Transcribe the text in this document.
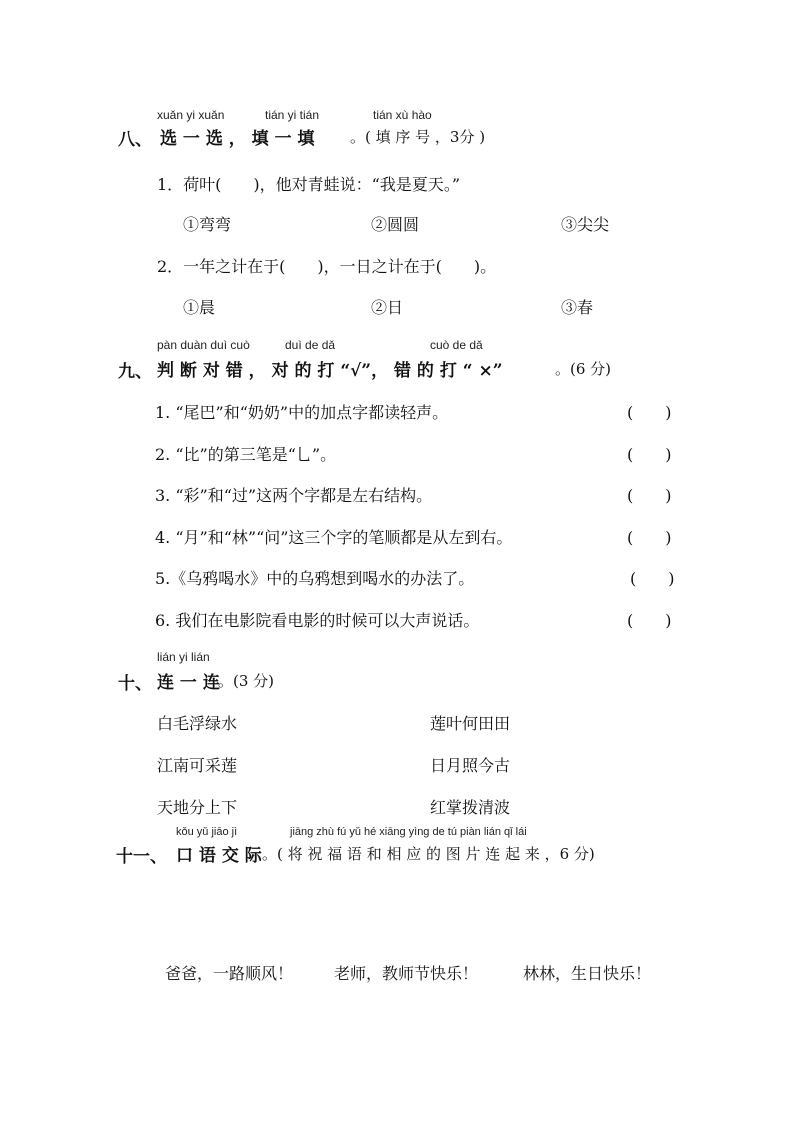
xuǎn yi xuǎn	tián yi tián	tián xù hào
八、 选 一 选 ， 填 一 填 。( 填 序 号 ，3分 )
1．荷叶(　　)，他对青蛙说：“我是夏天。”
①弯弯	②圆圆	③尖尖
2．一年之计在于(　　)，一日之计在于(　　)。
①晨	②日	③春
pàn duàn duì cuò	duì de dǎ	cuò de dǎ
九、 判 断 对 错 ， 对 的 打 “√”， 错 的 打 “ ×”	。(6 分)
1. “尾巴”和“奶奶”中的加点字都读轻声。	(　　)
2. “比”的第三笔是“乚”。	(　　)
3. “彩”和“过”这两个字都是左右结构。	(　　)
4. “月”和“林”“问”这三个字的笔顺都是从左到右。	(　　)
5.《乌鸦喝水》中的乌鸦想到喝水的办法了。	(　　)
6. 我们在电影院看电影的时候可以大声说话。	(　　)
lián yi lián
十、 连 一 连
。(3 分)
白毛浮绿水	莲叶何田田
江南可采莲	日月照今古
天地分上下	红掌拨清波
kǒu yǔ jiāo jì	jiāng zhù fú yǔ hé xiāng yìng de tú piàn lián qǐ lái
十一、 口 语 交 际 。( 将 祝 福 语 和 相 应 的 图 片 连 起 来 ，6 分)
爸爸，一路顺风！	老师，教师节快乐！	林林，生日快乐！
